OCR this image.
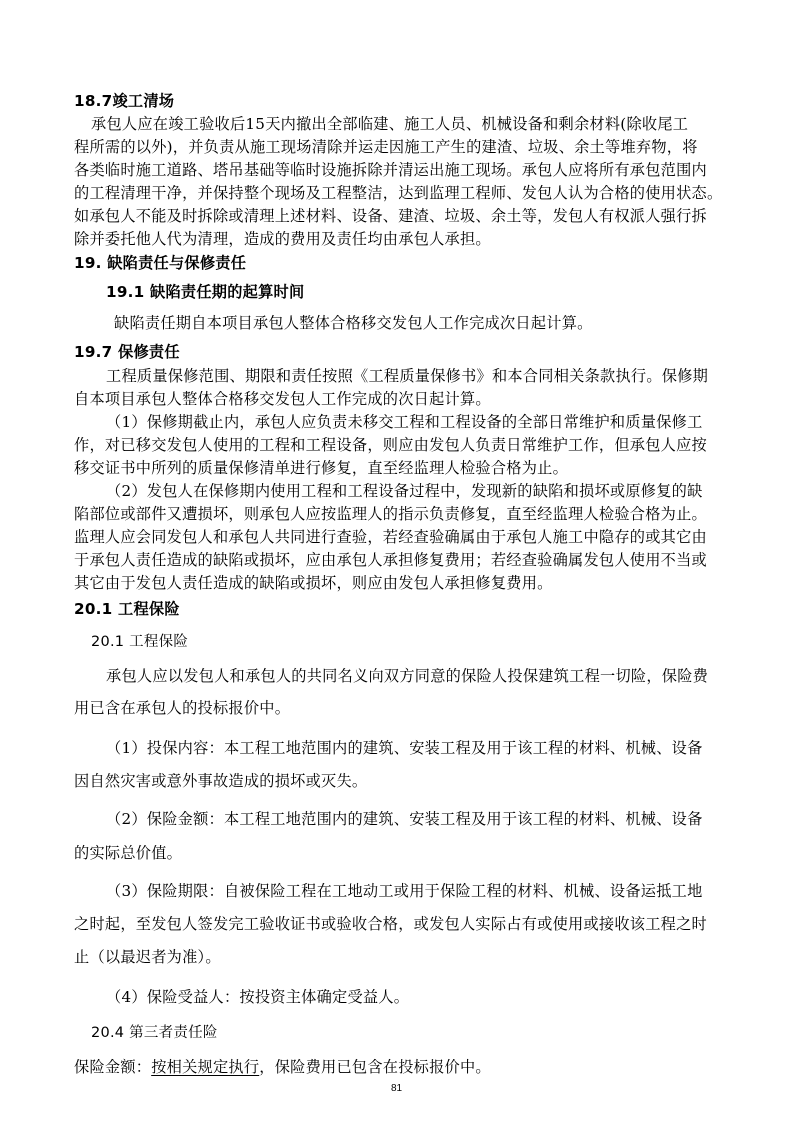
18.7竣工清场
承包人应在竣工验收后15天内撤出全部临建、施工人员、机械设备和剩余材料(除收尾工
程所需的以外)，并负责从施工现场清除并运走因施工产生的建渣、垃圾、余土等堆弃物，将
各类临时施工道路、塔吊基础等临时设施拆除并清运出施工现场。承包人应将所有承包范围内
的工程清理干净，并保持整个现场及工程整洁，达到监理工程师、发包人认为合格的使用状态。
如承包人不能及时拆除或清理上述材料、设备、建渣、垃圾、余土等，发包人有权派人强行拆
除并委托他人代为清理，造成的费用及责任均由承包人承担。
19. 缺陷责任与保修责任
19.1 缺陷责任期的起算时间
缺陷责任期自本项目承包人整体合格移交发包人工作完成次日起计算。
19.7 保修责任
工程质量保修范围、期限和责任按照《工程质量保修书》和本合同相关条款执行。保修期
自本项目承包人整体合格移交发包人工作完成的次日起计算。
（1）保修期截止内，承包人应负责未移交工程和工程设备的全部日常维护和质量保修工
作，对已移交发包人使用的工程和工程设备，则应由发包人负责日常维护工作，但承包人应按
移交证书中所列的质量保修清单进行修复，直至经监理人检验合格为止。
（2）发包人在保修期内使用工程和工程设备过程中，发现新的缺陷和损坏或原修复的缺
陷部位或部件又遭损坏，则承包人应按监理人的指示负责修复，直至经监理人检验合格为止。
监理人应会同发包人和承包人共同进行查验，若经查验确属由于承包人施工中隐存的或其它由
于承包人责任造成的缺陷或损坏，应由承包人承担修复费用；若经查验确属发包人使用不当或
其它由于发包人责任造成的缺陷或损坏，则应由发包人承担修复费用。
20.1 工程保险
20.1 工程保险
承包人应以发包人和承包人的共同名义向双方同意的保险人投保建筑工程一切险，保险费
用已含在承包人的投标报价中。
（1）投保内容：本工程工地范围内的建筑、安装工程及用于该工程的材料、机械、设备
因自然灾害或意外事故造成的损坏或灭失。
（2）保险金额：本工程工地范围内的建筑、安装工程及用于该工程的材料、机械、设备
的实际总价值。
（3）保险期限：自被保险工程在工地动工或用于保险工程的材料、机械、设备运抵工地
之时起，至发包人签发完工验收证书或验收合格，或发包人实际占有或使用或接收该工程之时
止（以最迟者为准）。
（4）保险受益人：按投资主体确定受益人。
20.4 第三者责任险
保险金额：按相关规定执行，保险费用已包含在投标报价中。
81
